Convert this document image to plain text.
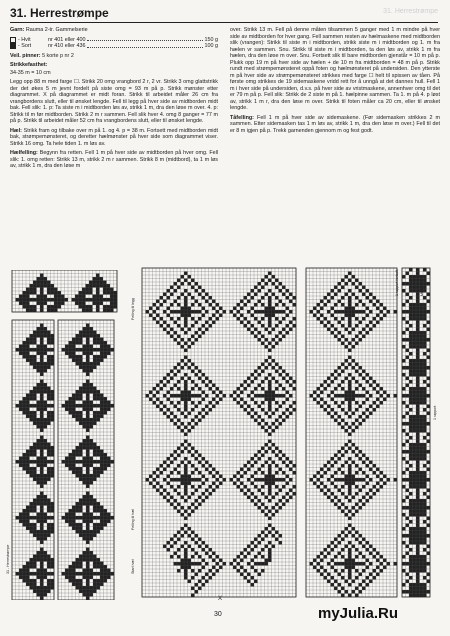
31. Herrestrømpe	31. Herrestrømpe

Garn: Rauma 2-tr. Gammelserie

- Hvit	nr 401 eller 400	150 g
- Sort	nr 410 eller 436	100 g

Veil. pinner: 5 korte p nr 2

Strikkefasthet:

34-35 m = 10 cm

Legg opp 88 m med farge ☐. Strikk 20 omg vrangbord 2 r, 2 vr. Strikk 3 omg glattstrikk der det økes 5 m jevnt fordelt på siste omg = 93 m på p. Strikk mønster etter diagrammet. X på diagrammet er midt foran. Strikk til arbeidet måler 26 cm fra vrangbordens slutt, eller til ønsket lengde. Fell til legg på hver side av midtborden midt bak. Fell slik: 1. p: Ta siste m i midtborden løs av, strikk 1 m, dra den løse m over. 4. p: Strikk til m før midtborden. Strikk 2 m r sammen. Fell slik hver 4. omg 8 ganger = 77 m på p. Strikk til arbeidet måler 52 cm fra vrangbordens slutt, eller til ønsket lengde.

Hæl: Strikk fram og tilbake over m på 1. og 4. p = 38 m. Fortsett med midtborden midt bak, strømpemønsteret, og deretter hælmønster på hver side som diagrammet viser. Strikk 16 omg. Ta hele tiden 1. m løs av.

Hælfelling: Begynn fra retten. Fell 1 m på hver side av midtborden på hver omg. Fell slik: 1. omg retten: Strikk 13 m, strikk 2 m r sammen. Strikk 8 m (midtbord), ta 1 m løs av, strikk 1 m, dra den løse m

over. Strikk 13 m. Fell på denne måten tilsammen 5 ganger med 1 m mindre på hver side av midtborden for hver gang. Fell sammen resten av hælmaskene med midtborden slik (vrangen): Strikk til siste m i midtborden, strikk siste m i midtborden og 1. m fra hælen vr sammen. Snu. Strikk til siste m i midtborden, ta den løs av, strikk 1 m fra hælen, dra den løse m over. Snu. Fortsett slik til bare midtborden gjenstår = 10 m på p. Plukk opp 19 m på hver side av hælen + de 10 m fra midtborden = 48 m på p. Strikk rundt med strømpemønsteret oppå foten og hælmønsteret på undersiden. Den ytterste m på hver side av strømpemønsteret strikkes med farge ☐ helt til spissen av tåen. På første omg strikkes de 19 sidemaskene vridd rett for å unngå at det dannes hull. Fell 1 m i hver side på undersiden, d.v.s. på hver side av vristmaskene, annenhver omg til det er 79 m på p. Fell slik: Strikk de 2 siste m på 1. hælpinne sammen. Ta 1. m på 4. p løst av, strikk 1 m r, dra den løse m over. Strikk til foten måler ca 20 cm, eller til ønsket lengde.

Tåfelling: Fell 1 m på hver side av sidemaskene. (Før sidemasken strikkes 2 m sammen. Etter sidemasken tas 1 m løs av, strikk 1 m, dra den løse m over.) Fell til det er 8 m igjen på p. Trekk garnenden gjennom m og fest godt.

X
31 - Herrestrømpe
Felling til legg
Felling til hæl
Start hæl
1 rapport fortsett	Midtbord
1 rapport
30	myJulia.Ru
